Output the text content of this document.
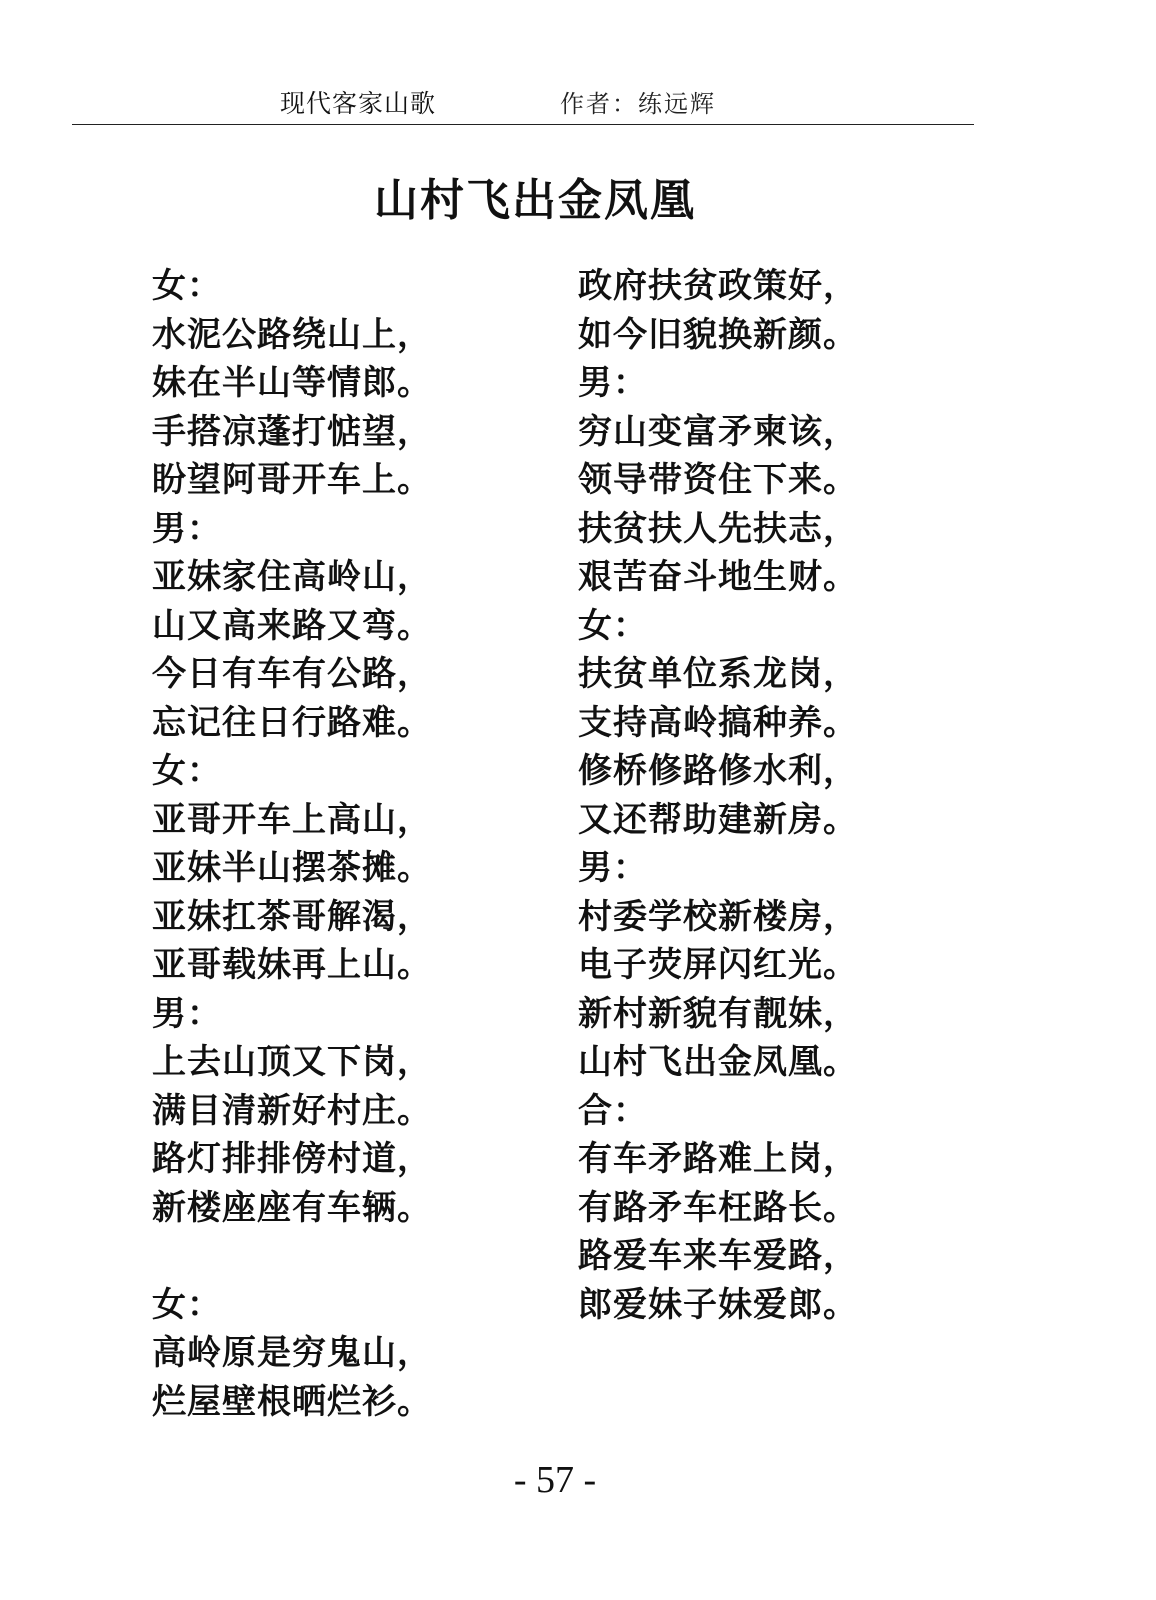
现代客家山歌	作者：练远辉
山村飞出金凤凰
女：
水泥公路绕山上，
妹在半山等情郎。
手搭凉蓬打惦望，
盼望阿哥开车上。
男：
亚妹家住高岭山，
山又高来路又弯。
今日有车有公路，
忘记往日行路难。
女：
亚哥开车上高山，
亚妹半山摆茶摊。
亚妹扛茶哥解渴，
亚哥载妹再上山。
男：
上去山顶又下岗，
满目清新好村庄。
路灯排排傍村道，
新楼座座有车辆。
女：
高岭原是穷鬼山，
烂屋壁根晒烂衫。
政府扶贫政策好，
如今旧貌换新颜。
男：
穷山变富矛柬该，
领导带资住下来。
扶贫扶人先扶志，
艰苦奋斗地生财。
女：
扶贫单位系龙岗，
支持高岭搞种养。
修桥修路修水利，
又还帮助建新房。
男：
村委学校新楼房，
电子荧屏闪红光。
新村新貌有靓妹，
山村飞出金凤凰。
合：
有车矛路难上岗，
有路矛车枉路长。
路爱车来车爱路，
郎爱妹子妹爱郎。
- 57 -
